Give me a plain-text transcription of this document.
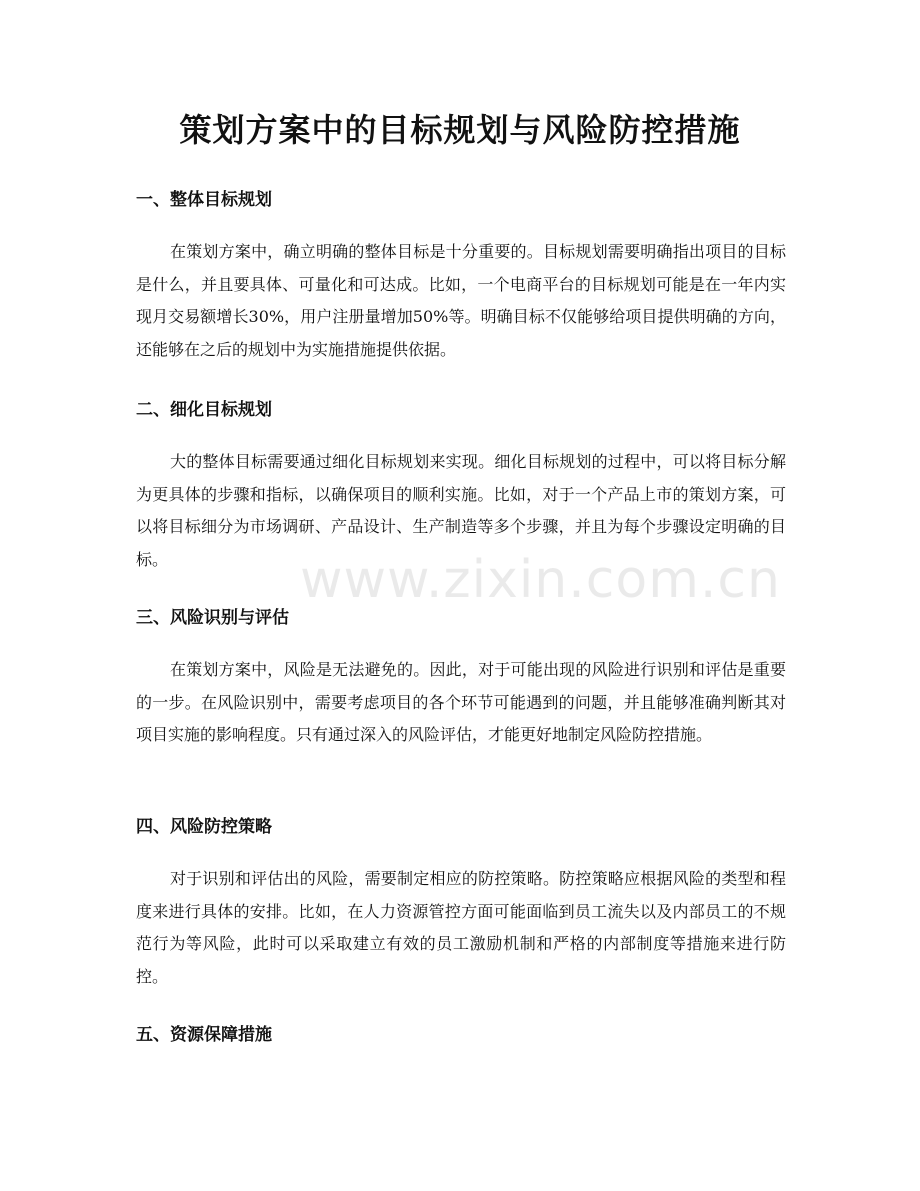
策划方案中的目标规划与风险防控措施
一、整体目标规划

在策划方案中，确立明确的整体目标是十分重要的。目标规划需要明确指出项目的目标是什么，并且要具体、可量化和可达成。比如，一个电商平台的目标规划可能是在一年内实现月交易额增长30%，用户注册量增加50%等。明确目标不仅能够给项目提供明确的方向，还能够在之后的规划中为实施措施提供依据。

二、细化目标规划

大的整体目标需要通过细化目标规划来实现。细化目标规划的过程中，可以将目标分解为更具体的步骤和指标，以确保项目的顺利实施。比如，对于一个产品上市的策划方案，可以将目标细分为市场调研、产品设计、生产制造等多个步骤，并且为每个步骤设定明确的目标。

三、风险识别与评估

在策划方案中，风险是无法避免的。因此，对于可能出现的风险进行识别和评估是重要的一步。在风险识别中，需要考虑项目的各个环节可能遇到的问题，并且能够准确判断其对项目实施的影响程度。只有通过深入的风险评估，才能更好地制定风险防控措施。

四、风险防控策略

对于识别和评估出的风险，需要制定相应的防控策略。防控策略应根据风险的类型和程度来进行具体的安排。比如，在人力资源管控方面可能面临到员工流失以及内部员工的不规范行为等风险，此时可以采取建立有效的员工激励机制和严格的内部制度等措施来进行防控。

五、资源保障措施
www.zixin.com.cn
